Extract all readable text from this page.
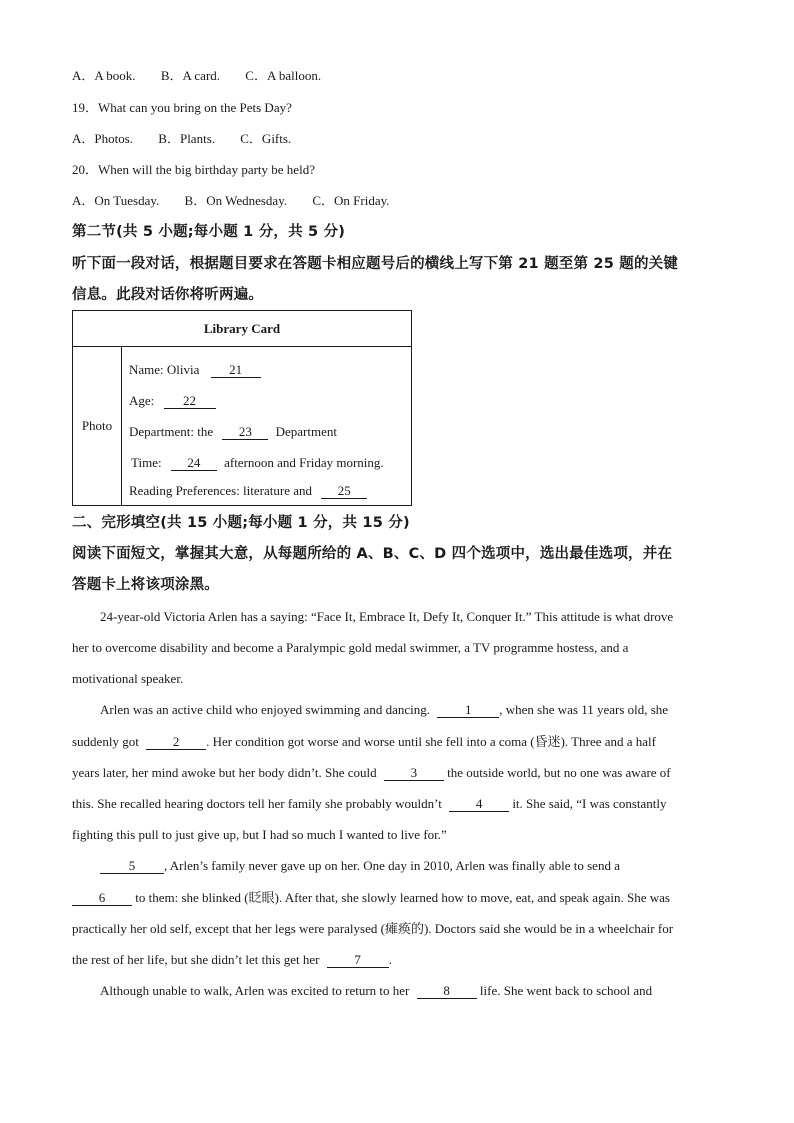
A．A book. B．A card. C．A balloon.
19．What can you bring on the Pets Day?
A．Photos. B．Plants. C．Gifts.
20．When will the big birthday party be held?
A．On Tuesday. B．On Wednesday. C．On Friday.
第二节(共 5 小题;每小题 1 分，共 5 分)
听下面一段对话，根据题目要求在答题卡相应题号后的横线上写下第 21 题至第 25 题的关键
信息。此段对话你将听两遍。
Library Card
Photo
Name: Olivia 21
Age: 22
Department: the 23 Department
Time: 24 afternoon and Friday morning.
Reading Preferences: literature and 25
二、完形填空(共 15 小题;每小题 1 分，共 15 分)
阅读下面短文，掌握其大意，从每题所给的 A、B、C、D 四个选项中，选出最佳选项，并在
答题卡上将该项涂黑。
24-year-old Victoria Arlen has a saying: “Face It, Embrace It, Defy It, Conquer It.” This attitude is what drove
her to overcome disability and become a Paralympic gold medal swimmer, a TV programme hostess, and a
motivational speaker.
Arlen was an active child who enjoyed swimming and dancing.	1 , when she was 11 years old, she
suddenly got	2 . Her condition got worse and worse until she fell into a coma (昏迷). Three and a half
years later, her mind awoke but her body didn’t. She could	3 the outside world, but no one was aware of
this. She recalled hearing doctors tell her family she probably wouldn’t	4 it. She said, “I was constantly
fighting this pull to just give up, but I had so much I wanted to live for.”
5 , Arlen’s family never gave up on her. One day in 2010, Arlen was finally able to send a
6 to them: she blinked (眨眼). After that, she slowly learned how to move, eat, and speak again. She was
practically her old self, except that her legs were paralysed (瘫痪的). Doctors said she would be in a wheelchair for
the rest of her life, but she didn’t let this get her	7 .
Although unable to walk, Arlen was excited to return to her	8 life. She went back to school and
